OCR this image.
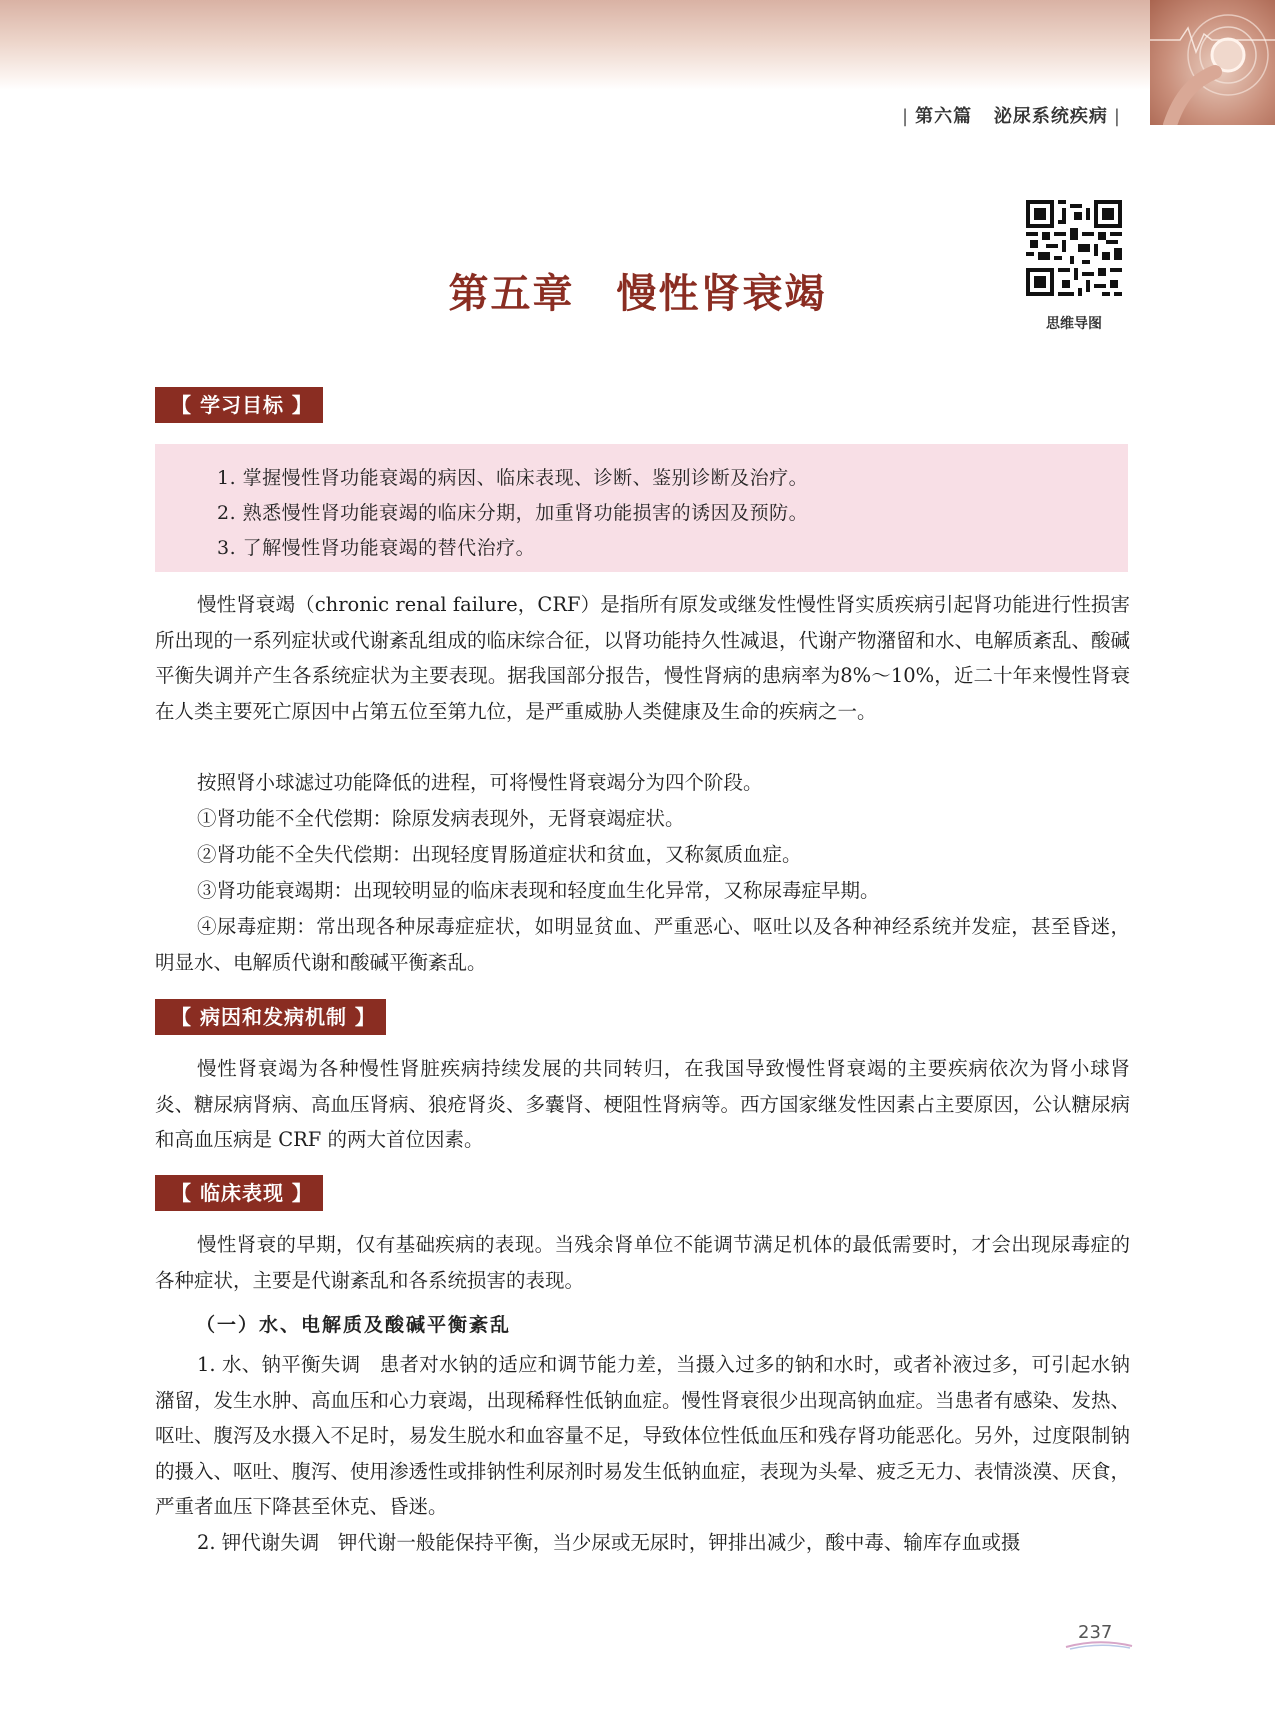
| 第六篇 泌尿系统疾病 |
思维导图
第五章 慢性肾衰竭
【 学习目标 】
1. 掌握慢性肾功能衰竭的病因、临床表现、诊断、鉴别诊断及治疗。
2. 熟悉慢性肾功能衰竭的临床分期，加重肾功能损害的诱因及预防。
3. 了解慢性肾功能衰竭的替代治疗。
慢性肾衰竭（chronic renal failure，CRF）是指所有原发或继发性慢性肾实质疾病引起肾功能进行性损害所出现的一系列症状或代谢紊乱组成的临床综合征，以肾功能持久性减退，代谢产物潴留和水、电解质紊乱、酸碱平衡失调并产生各系统症状为主要表现。据我国部分报告，慢性肾病的患病率为8%～10%，近二十年来慢性肾衰在人类主要死亡原因中占第五位至第九位，是严重威胁人类健康及生命的疾病之一。
按照肾小球滤过功能降低的进程，可将慢性肾衰竭分为四个阶段。
①肾功能不全代偿期：除原发病表现外，无肾衰竭症状。
②肾功能不全失代偿期：出现轻度胃肠道症状和贫血，又称氮质血症。
③肾功能衰竭期：出现较明显的临床表现和轻度血生化异常，又称尿毒症早期。
④尿毒症期：常出现各种尿毒症症状，如明显贫血、严重恶心、呕吐以及各种神经系统并发症，甚至昏迷，明显水、电解质代谢和酸碱平衡紊乱。
【 病因和发病机制 】
慢性肾衰竭为各种慢性肾脏疾病持续发展的共同转归，在我国导致慢性肾衰竭的主要疾病依次为肾小球肾炎、糖尿病肾病、高血压肾病、狼疮肾炎、多囊肾、梗阻性肾病等。西方国家继发性因素占主要原因，公认糖尿病和高血压病是 CRF 的两大首位因素。
【 临床表现 】
慢性肾衰的早期，仅有基础疾病的表现。当残余肾单位不能调节满足机体的最低需要时，才会出现尿毒症的各种症状，主要是代谢紊乱和各系统损害的表现。
（一）水、电解质及酸碱平衡紊乱
1. 水、钠平衡失调 患者对水钠的适应和调节能力差，当摄入过多的钠和水时，或者补液过多，可引起水钠潴留，发生水肿、高血压和心力衰竭，出现稀释性低钠血症。慢性肾衰很少出现高钠血症。当患者有感染、发热、呕吐、腹泻及水摄入不足时，易发生脱水和血容量不足，导致体位性低血压和残存肾功能恶化。另外，过度限制钠的摄入、呕吐、腹泻、使用渗透性或排钠性利尿剂时易发生低钠血症，表现为头晕、疲乏无力、表情淡漠、厌食，严重者血压下降甚至休克、昏迷。
2. 钾代谢失调 钾代谢一般能保持平衡，当少尿或无尿时，钾排出减少，酸中毒、输库存血或摄
237
